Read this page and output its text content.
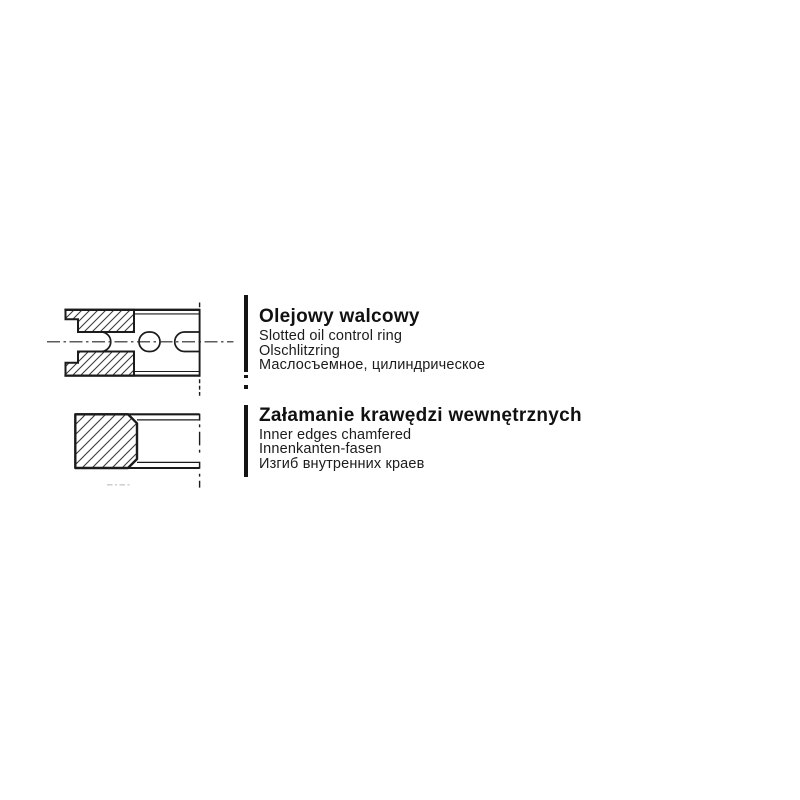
Olejowy walcowy
Slotted oil control ring
Olschlitzring
Маслосъемное, цилиндрическое
Załamanie krawędzi wewnętrznych
Inner edges chamfered
Innenkanten-fasen
Изгиб внутренних краев
